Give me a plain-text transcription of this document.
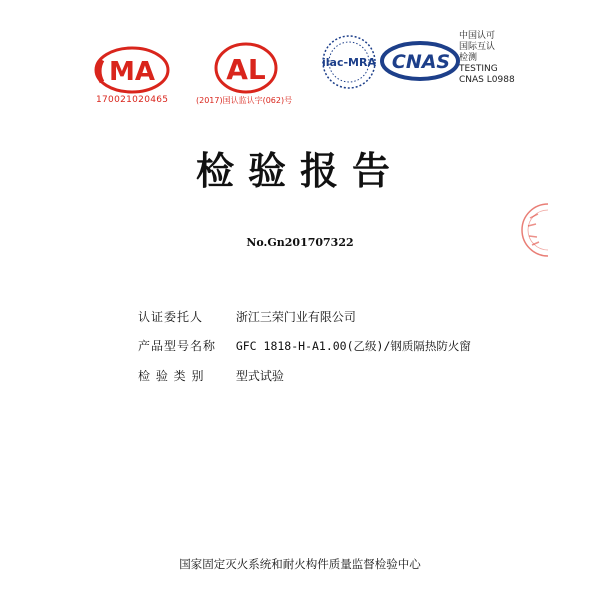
MA
170021020465
AL
(2017)国认监认字(062)号
ilac-MRA CNAS
中国认可
国际互认
检测
TESTING
CNAS L0988
检验报告
No.Gn201707322
认证委托人	浙江三荣门业有限公司
产品型号名称 GFC 1818-H-A1.00(乙级)/钢质隔热防火窗
检 验 类 别	型式试验
国家固定灭火系统和耐火构件质量监督检验中心
